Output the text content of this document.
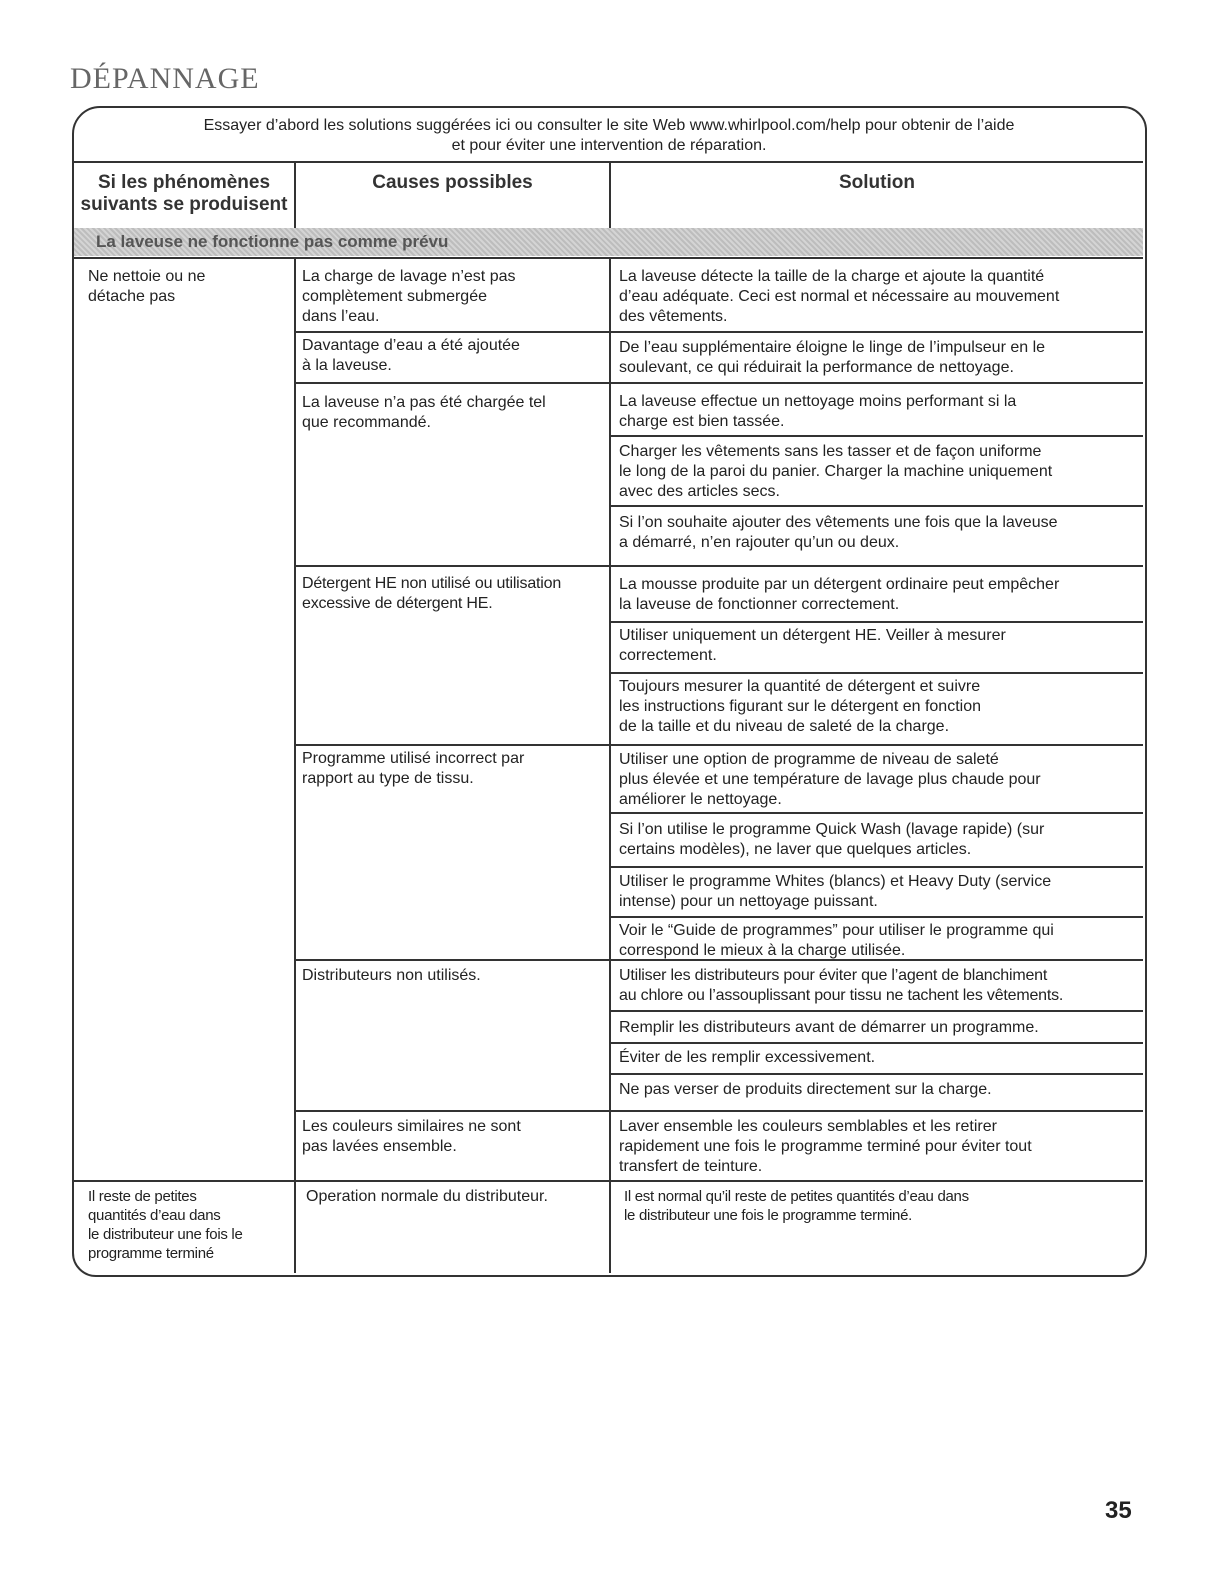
DÉPANNAGE
Essayer d’abord les solutions suggérées ici ou consulter le site Web www.whirlpool.com/help pour obtenir de l’aide
et pour éviter une intervention de réparation.
Si les phénomènes
suivants se produisent
Causes possibles	Solution
La laveuse ne fonctionne pas comme prévu
Ne nettoie ou ne
détache pas
Il reste de petites
quantités d’eau dans
le distributeur une fois le
programme terminé
La charge de lavage n’est pas
complètement submergée
dans l’eau.
Davantage d’eau a été ajoutée
à la laveuse.
La laveuse n’a pas été chargée tel
que recommandé.
Détergent HE non utilisé ou utilisation
excessive de détergent HE.
Programme utilisé incorrect par
rapport au type de tissu.
Distributeurs non utilisés.
Les couleurs similaires ne sont
pas lavées ensemble.
Operation normale du distributeur.
La laveuse détecte la taille de la charge et ajoute la quantité
d’eau adéquate. Ceci est normal et nécessaire au mouvement
des vêtements.
De l’eau supplémentaire éloigne le linge de l’impulseur en le
soulevant, ce qui réduirait la performance de nettoyage.
La laveuse effectue un nettoyage moins performant si la
charge est bien tassée.
Charger les vêtements sans les tasser et de façon uniforme
le long de la paroi du panier. Charger la machine uniquement
avec des articles secs.
Si l’on souhaite ajouter des vêtements une fois que la laveuse
a démarré, n’en rajouter qu’un ou deux.
La mousse produite par un détergent ordinaire peut empêcher
la laveuse de fonctionner correctement.
Utiliser uniquement un détergent HE. Veiller à mesurer
correctement.
Toujours mesurer la quantité de détergent et suivre
les instructions figurant sur le détergent en fonction
de la taille et du niveau de saleté de la charge.
Utiliser une option de programme de niveau de saleté
plus élevée et une température de lavage plus chaude pour
améliorer le nettoyage.
Si l’on utilise le programme Quick Wash (lavage rapide) (sur
certains modèles), ne laver que quelques articles.
Utiliser le programme Whites (blancs) et Heavy Duty (service
intense) pour un nettoyage puissant.
Voir le “Guide de programmes” pour utiliser le programme qui
correspond le mieux à la charge utilisée.
Utiliser les distributeurs pour éviter que l’agent de blanchiment
au chlore ou l’assouplissant pour tissu ne tachent les vêtements.
Remplir les distributeurs avant de démarrer un programme.
Éviter de les remplir excessivement.
Ne pas verser de produits directement sur la charge.
Laver ensemble les couleurs semblables et les retirer
rapidement une fois le programme terminé pour éviter tout
transfert de teinture.
Il est normal qu’il reste de petites quantités d’eau dans
le distributeur une fois le programme terminé.
35
